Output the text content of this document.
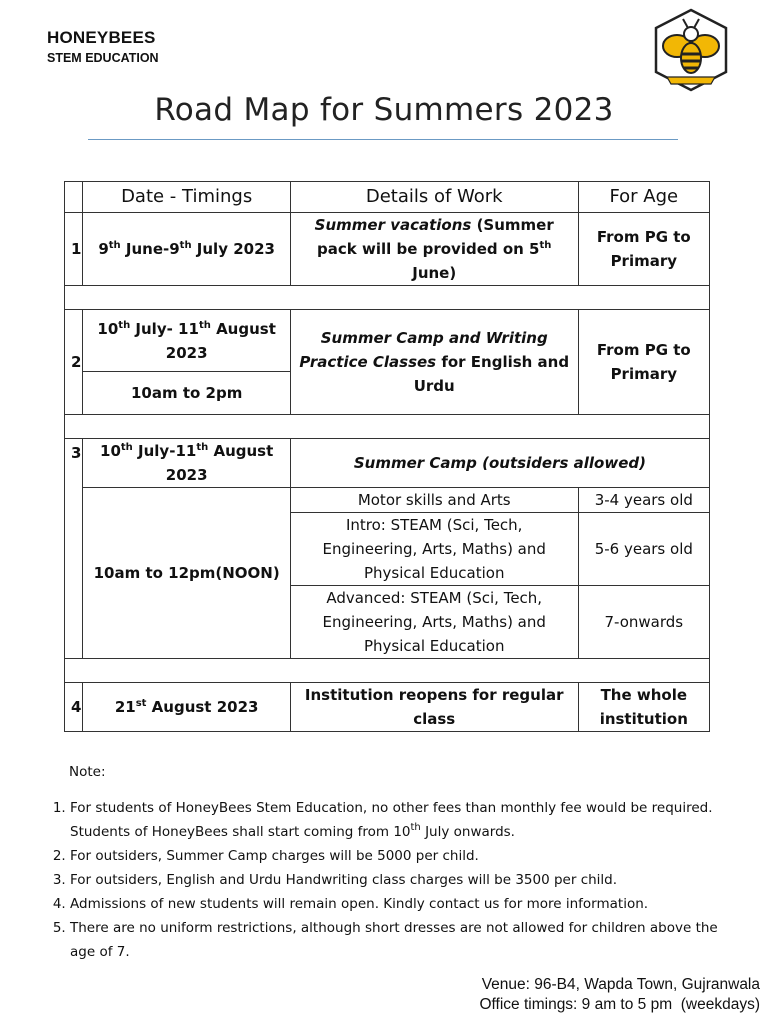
HONEYBEES
STEM EDUCATION
Road Map for Summers 2023
	Date - Timings	Details of Work	For Age
1	9th June-9th July 2023	Summer vacations (Summer pack will be provided on 5th June)	From PG to Primary

2	10th July- 11th August 2023	Summer Camp and Writing Practice Classes for English and Urdu	From PG to Primary
	10am to 2pm		

3	10th July-11th August 2023	Summer Camp (outsiders allowed)	
	10am to 12pm(NOON)	Motor skills and Arts	3-4 years old
		Intro: STEAM (Sci, Tech, Engineering, Arts, Maths) and Physical Education	5-6 years old
		Advanced: STEAM (Sci, Tech, Engineering, Arts, Maths) and Physical Education	7-onwards

4	21st August 2023	Institution reopens for regular class	The whole institution
Note:
1. For students of HoneyBees Stem Education, no other fees than monthly fee would be required. Students of HoneyBees shall start coming from 10th July onwards.
2. For outsiders, Summer Camp charges will be 5000 per child.
3. For outsiders, English and Urdu Handwriting class charges will be 3500 per child.
4. Admissions of new students will remain open. Kindly contact us for more information.
5. There are no uniform restrictions, although short dresses are not allowed for children above the age of 7.
Venue: 96-B4, Wapda Town, Gujranwala
Office timings: 9 am to 5 pm  (weekdays)
